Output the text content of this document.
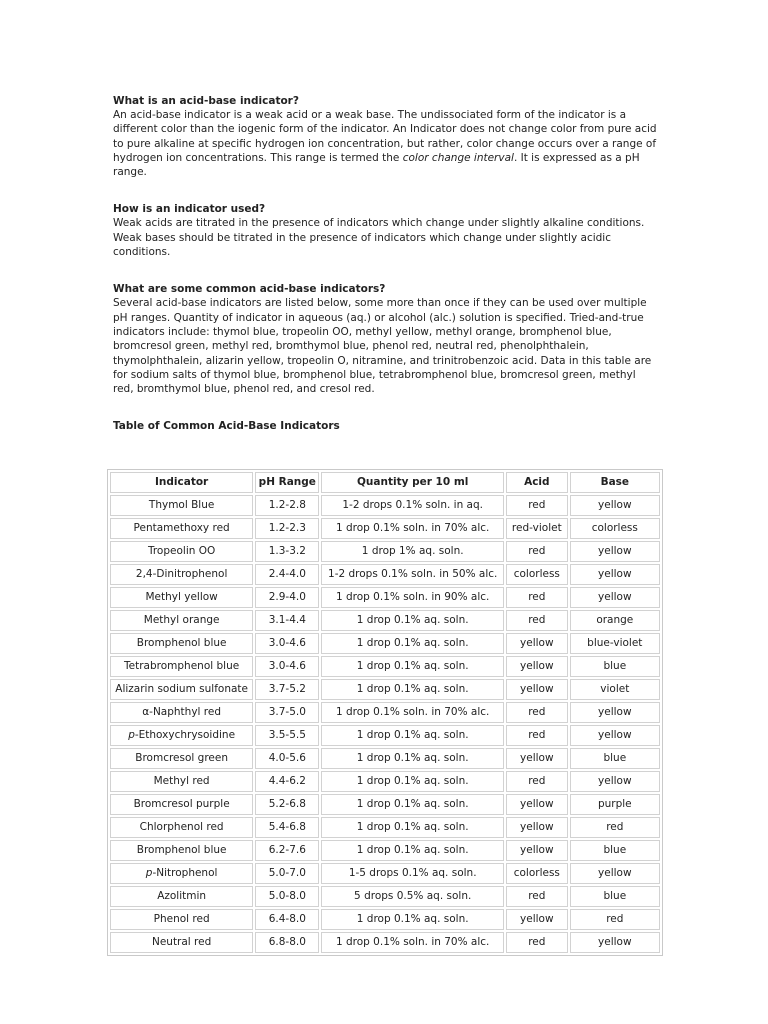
What is an acid-base indicator?

An acid-base indicator is a weak acid or a weak base. The undissociated form of the indicator is a different color than the iogenic form of the indicator. An Indicator does not change color from pure acid to pure alkaline at specific hydrogen ion concentration, but rather, color change occurs over a range of hydrogen ion concentrations. This range is termed the color change interval. It is expressed as a pH range.

How is an indicator used?

Weak acids are titrated in the presence of indicators which change under slightly alkaline conditions. Weak bases should be titrated in the presence of indicators which change under slightly acidic conditions.

What are some common acid-base indicators?

Several acid-base indicators are listed below, some more than once if they can be used over multiple pH ranges. Quantity of indicator in aqueous (aq.) or alcohol (alc.) solution is specified. Tried-and-true indicators include: thymol blue, tropeolin OO, methyl yellow, methyl orange, bromphenol blue, bromcresol green, methyl red, bromthymol blue, phenol red, neutral red, phenolphthalein, thymolphthalein, alizarin yellow, tropeolin O, nitramine, and trinitrobenzoic acid. Data in this table are for sodium salts of thymol blue, bromphenol blue, tetrabromphenol blue, bromcresol green, methyl red, bromthymol blue, phenol red, and cresol red.

Table of Common Acid-Base Indicators

Indicator	pH Range	Quantity per 10 ml	Acid	Base
Thymol Blue	1.2-2.8	1-2 drops 0.1% soln. in aq.	red	yellow
Pentamethoxy red	1.2-2.3	1 drop 0.1% soln. in 70% alc.	red-violet	colorless
Tropeolin OO	1.3-3.2	1 drop 1% aq. soln.	red	yellow
2,4-Dinitrophenol	2.4-4.0	1-2 drops 0.1% soln. in 50% alc.	colorless	yellow
Methyl yellow	2.9-4.0	1 drop 0.1% soln. in 90% alc.	red	yellow
Methyl orange	3.1-4.4	1 drop 0.1% aq. soln.	red	orange
Bromphenol blue	3.0-4.6	1 drop 0.1% aq. soln.	yellow	blue-violet
Tetrabromphenol blue	3.0-4.6	1 drop 0.1% aq. soln.	yellow	blue
Alizarin sodium sulfonate	3.7-5.2	1 drop 0.1% aq. soln.	yellow	violet
α-Naphthyl red	3.7-5.0	1 drop 0.1% soln. in 70% alc.	red	yellow
p-Ethoxychrysoidine	3.5-5.5	1 drop 0.1% aq. soln.	red	yellow
Bromcresol green	4.0-5.6	1 drop 0.1% aq. soln.	yellow	blue
Methyl red	4.4-6.2	1 drop 0.1% aq. soln.	red	yellow
Bromcresol purple	5.2-6.8	1 drop 0.1% aq. soln.	yellow	purple
Chlorphenol red	5.4-6.8	1 drop 0.1% aq. soln.	yellow	red
Bromphenol blue	6.2-7.6	1 drop 0.1% aq. soln.	yellow	blue
p-Nitrophenol	5.0-7.0	1-5 drops 0.1% aq. soln.	colorless	yellow
Azolitmin	5.0-8.0	5 drops 0.5% aq. soln.	red	blue
Phenol red	6.4-8.0	1 drop 0.1% aq. soln.	yellow	red
Neutral red	6.8-8.0	1 drop 0.1% soln. in 70% alc.	red	yellow
